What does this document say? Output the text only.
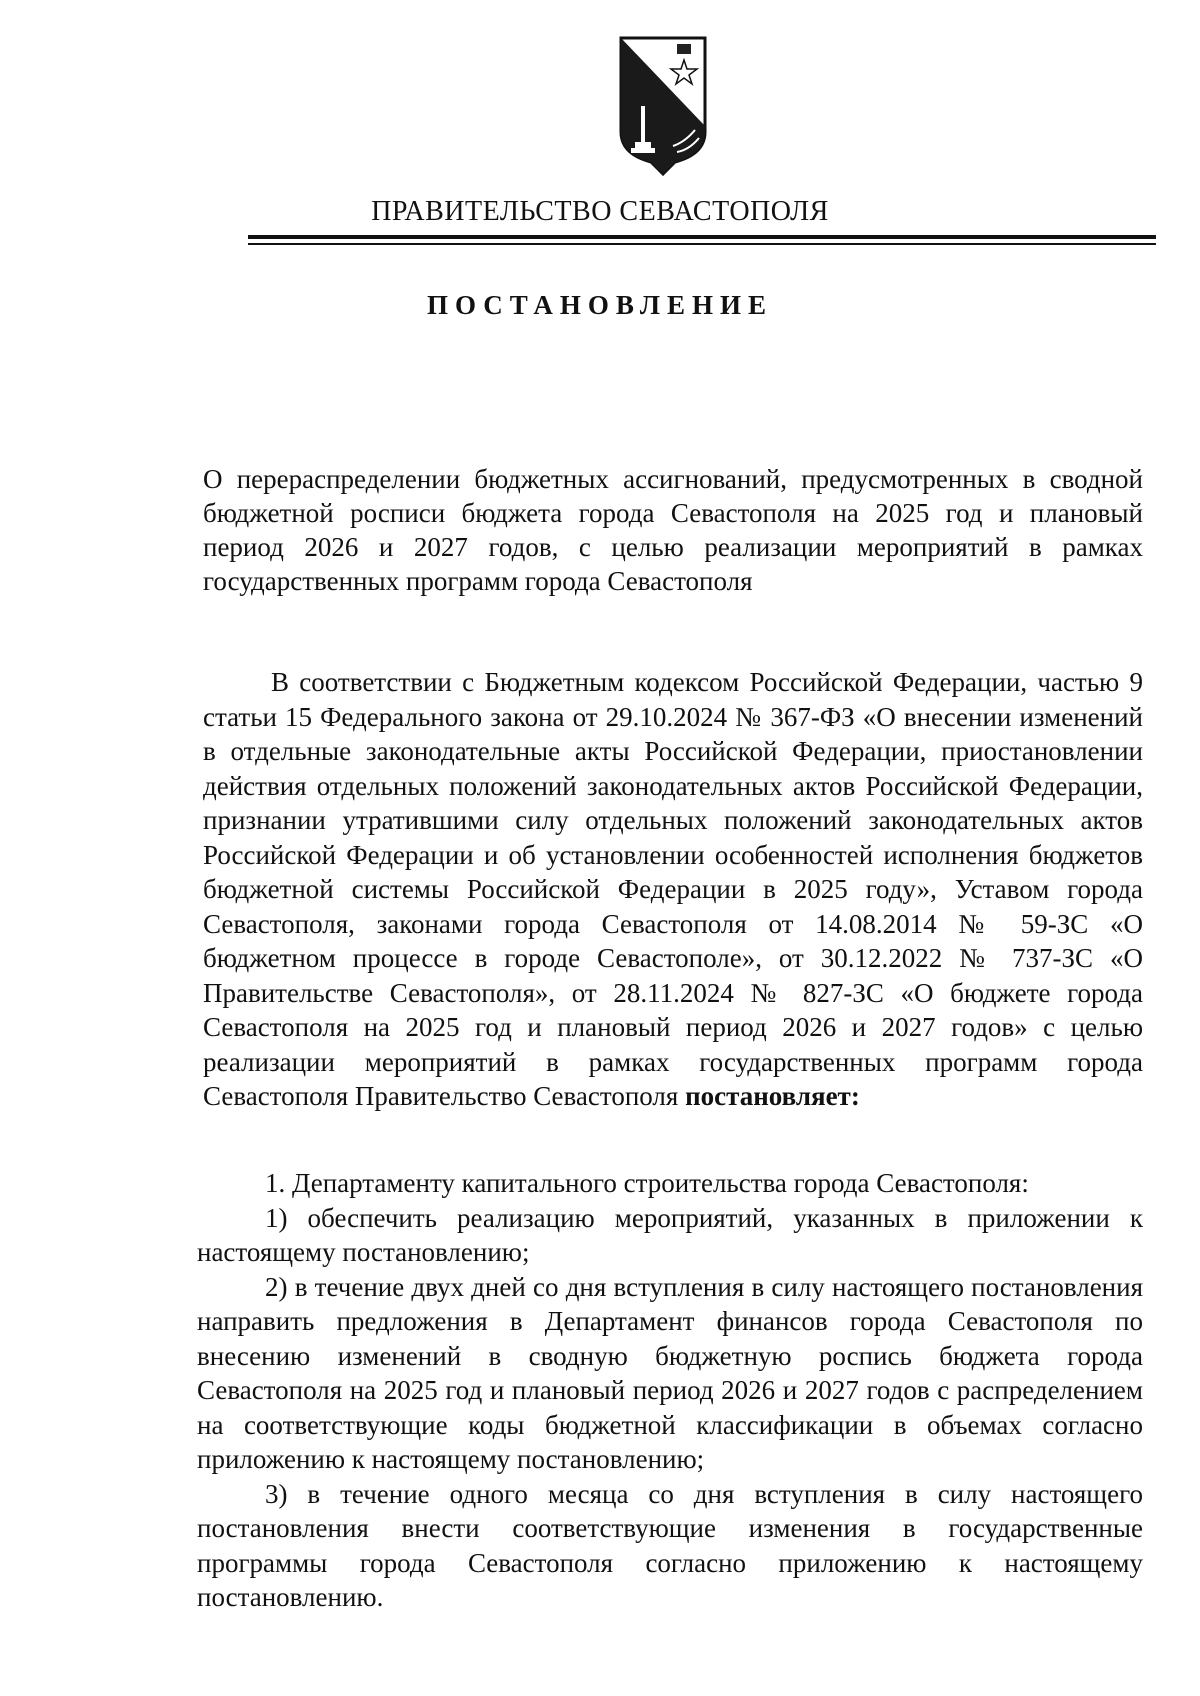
ПРАВИТЕЛЬСТВО СЕВАСТОПОЛЯ
ПОСТАНОВЛЕНИЕ
О перераспределении бюджетных ассигнований, предусмотренных в сводной бюджетной росписи бюджета города Севастополя на 2025 год и плановый период 2026 и 2027 годов, с целью реализации мероприятий в рамках государственных программ города Севастополя

В соответствии с Бюджетным кодексом Российской Федерации, частью 9 статьи 15 Федерального закона от 29.10.2024 № 367-ФЗ «О внесении изменений в отдельные законодательные акты Российской Федерации, приостановлении действия отдельных положений законодательных актов Российской Федерации, признании утратившими силу отдельных положений законодательных актов Российской Федерации и об установлении особенностей исполнения бюджетов бюджетной системы Российской Федерации в 2025 году», Уставом города Севастополя, законами города Севастополя от 14.08.2014 № 59-ЗС «О бюджетном процессе в городе Севастополе», от 30.12.2022 № 737-ЗС «О Правительстве Севастополя», от 28.11.2024 № 827-ЗС «О бюджете города Севастополя на 2025 год и плановый период 2026 и 2027 годов» с целью реализации мероприятий в рамках государственных программ города Севастополя Правительство Севастополя постановляет:

1. Департаменту капитального строительства города Севастополя:

1) обеспечить реализацию мероприятий, указанных в приложении к настоящему постановлению;

2) в течение двух дней со дня вступления в силу настоящего постановления направить предложения в Департамент финансов города Севастополя по внесению изменений в сводную бюджетную роспись бюджета города Севастополя на 2025 год и плановый период 2026 и 2027 годов с распределением на соответствующие коды бюджетной классификации в объемах согласно приложению к настоящему постановлению;

3) в течение одного месяца со дня вступления в силу настоящего постановления внести соответствующие изменения в государственные программы города Севастополя согласно приложению к настоящему постановлению.
